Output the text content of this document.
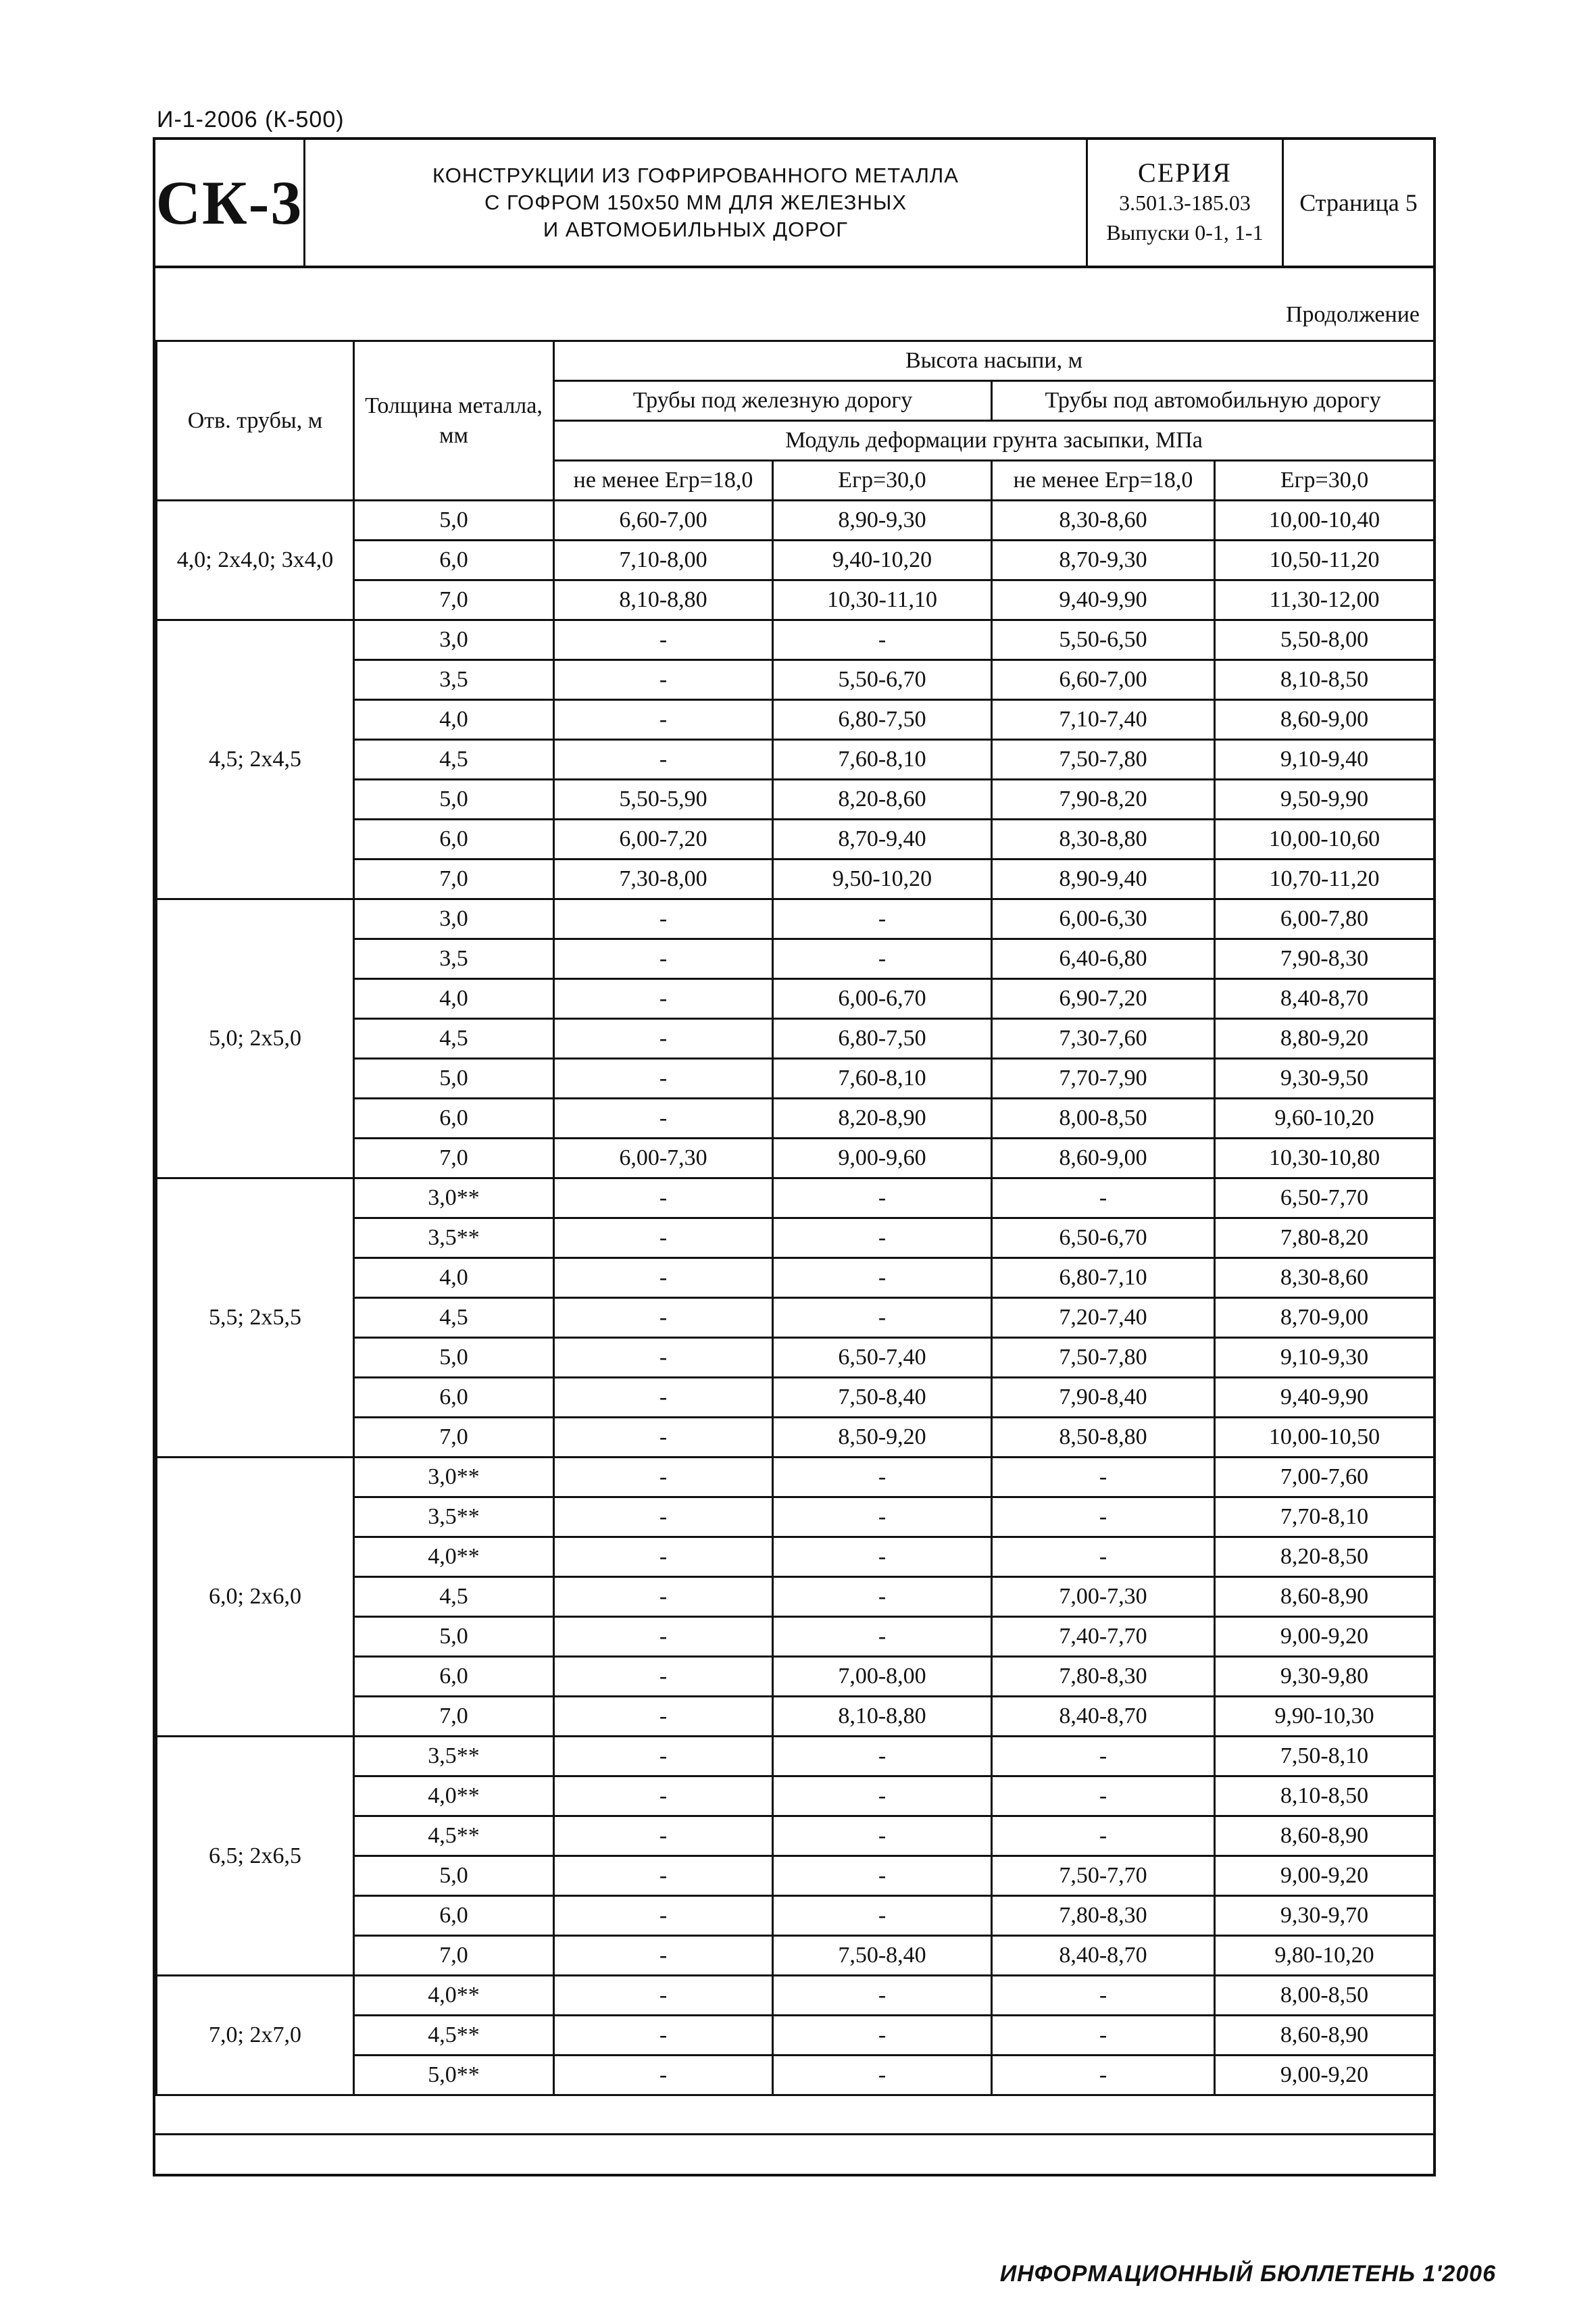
И-1-2006 (К-500)
СК-3	КОНСТРУКЦИИ ИЗ ГОФРИРОВАННОГО МЕТАЛЛА
С ГОФРОМ 150х50 ММ ДЛЯ ЖЕЛЕЗНЫХ
И АВТОМОБИЛЬНЫХ ДОРОГ
СЕРИЯ
3.501.3-185.03
Выпуски 0-1, 1-1
Страница 5
Продолжение
Отв. трубы, м	Толщина металла, мм	Высота насыпи, м			
		Трубы под железную дорогу		Трубы под автомобильную дорогу	
		Модуль деформации грунта засыпки, МПа			
		не менее Егр=18,0	Егр=30,0	не менее Егр=18,0	Егр=30,0
4,0; 2х4,0; 3х4,0	5,0	6,60-7,00	8,90-9,30	8,30-8,60	10,00-10,40
	6,0	7,10-8,00	9,40-10,20	8,70-9,30	10,50-11,20
	7,0	8,10-8,80	10,30-11,10	9,40-9,90	11,30-12,00
4,5; 2х4,5	3,0	-	-	5,50-6,50	5,50-8,00
	3,5	-	5,50-6,70	6,60-7,00	8,10-8,50
	4,0	-	6,80-7,50	7,10-7,40	8,60-9,00
	4,5	-	7,60-8,10	7,50-7,80	9,10-9,40
	5,0	5,50-5,90	8,20-8,60	7,90-8,20	9,50-9,90
	6,0	6,00-7,20	8,70-9,40	8,30-8,80	10,00-10,60
	7,0	7,30-8,00	9,50-10,20	8,90-9,40	10,70-11,20
5,0; 2х5,0	3,0	-	-	6,00-6,30	6,00-7,80
	3,5	-	-	6,40-6,80	7,90-8,30
	4,0	-	6,00-6,70	6,90-7,20	8,40-8,70
	4,5	-	6,80-7,50	7,30-7,60	8,80-9,20
	5,0	-	7,60-8,10	7,70-7,90	9,30-9,50
	6,0	-	8,20-8,90	8,00-8,50	9,60-10,20
	7,0	6,00-7,30	9,00-9,60	8,60-9,00	10,30-10,80
5,5; 2х5,5	3,0**	-	-	-	6,50-7,70
	3,5**	-	-	6,50-6,70	7,80-8,20
	4,0	-	-	6,80-7,10	8,30-8,60
	4,5	-	-	7,20-7,40	8,70-9,00
	5,0	-	6,50-7,40	7,50-7,80	9,10-9,30
	6,0	-	7,50-8,40	7,90-8,40	9,40-9,90
	7,0	-	8,50-9,20	8,50-8,80	10,00-10,50
6,0; 2х6,0	3,0**	-	-	-	7,00-7,60
	3,5**	-	-	-	7,70-8,10
	4,0**	-	-	-	8,20-8,50
	4,5	-	-	7,00-7,30	8,60-8,90
	5,0	-	-	7,40-7,70	9,00-9,20
	6,0	-	7,00-8,00	7,80-8,30	9,30-9,80
	7,0	-	8,10-8,80	8,40-8,70	9,90-10,30
6,5; 2х6,5	3,5**	-	-	-	7,50-8,10
	4,0**	-	-	-	8,10-8,50
	4,5**	-	-	-	8,60-8,90
	5,0	-	-	7,50-7,70	9,00-9,20
	6,0	-	-	7,80-8,30	9,30-9,70
	7,0	-	7,50-8,40	8,40-8,70	9,80-10,20
7,0; 2х7,0	4,0**	-	-	-	8,00-8,50
	4,5**	-	-	-	8,60-8,90
	5,0**	-	-	-	9,00-9,20
ИНФОРМАЦИОННЫЙ БЮЛЛЕТЕНЬ 1'2006
